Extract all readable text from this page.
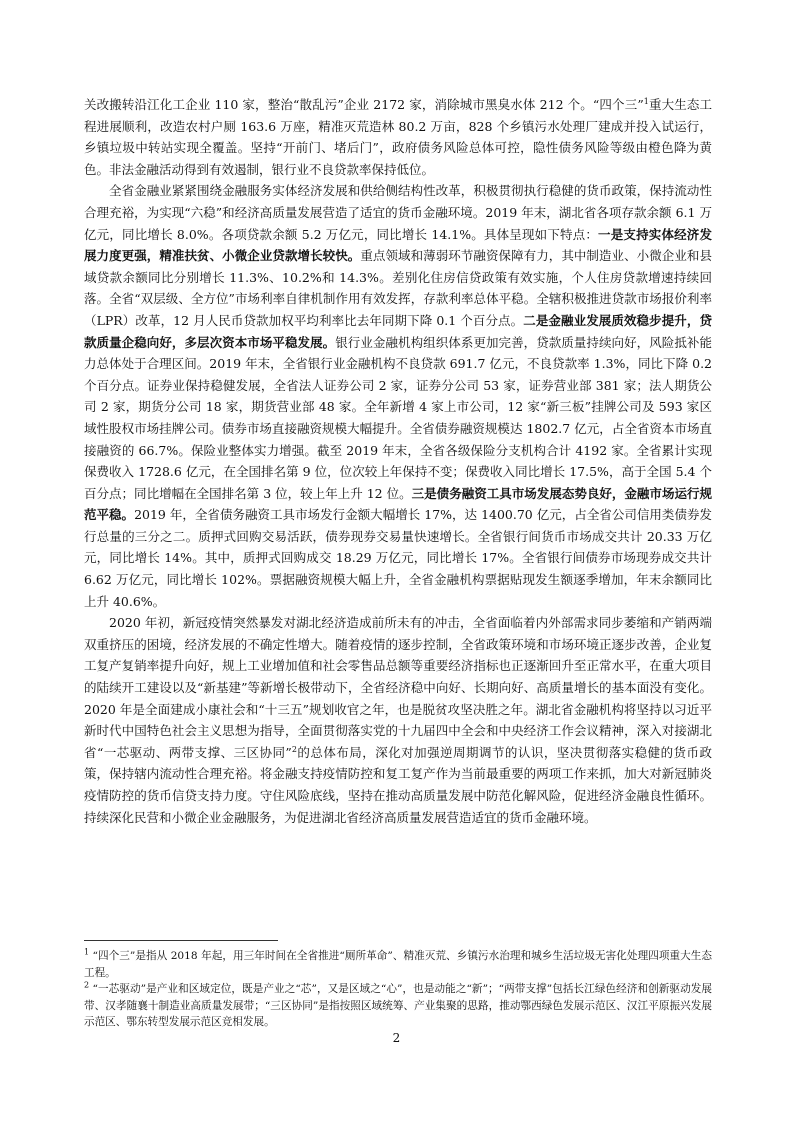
关改搬转沿江化工企业 110 家，整治“散乱污”企业 2172 家，消除城市黑臭水体 212 个。“四个三”$^1$重大生态工程进展顺利，改造农村户厕 163.6 万座，精准灭荒造林 80.2 万亩，828 个乡镇污水处理厂建成并投入试运行，乡镇垃圾中转站实现全覆盖。坚持“开前门、堵后门”，政府债务风险总体可控，隐性债务风险等级由橙色降为黄色。非法金融活动得到有效遏制，银行业不良贷款率保持低位。

全省金融业紧紧围绕金融服务实体经济发展和供给侧结构性改革，积极贯彻执行稳健的货币政策，保持流动性合理充裕，为实现“六稳”和经济高质量发展营造了适宜的货币金融环境。2019 年末，湖北省各项存款余额 6.1 万亿元，同比增长 8.0%。各项贷款余额 5.2 万亿元，同比增长 14.1%。具体呈现如下特点：一是支持实体经济发展力度更强，精准扶贫、小微企业贷款增长较快。重点领域和薄弱环节融资保障有力，其中制造业、小微企业和县域贷款余额同比分别增长 11.3%、10.2%和 14.3%。差别化住房信贷政策有效实施，个人住房贷款增速持续回落。全省“双层级、全方位”市场利率自律机制作用有效发挥，存款利率总体平稳。全辖积极推进贷款市场报价利率（LPR）改革，12 月人民币贷款加权平均利率比去年同期下降 0.1 个百分点。二是金融业发展质效稳步提升，贷款质量企稳向好，多层次资本市场平稳发展。银行业金融机构组织体系更加完善，贷款质量持续向好，风险抵补能力总体处于合理区间。2019 年末，全省银行业金融机构不良贷款 691.7 亿元，不良贷款率 1.3%，同比下降 0.2 个百分点。证券业保持稳健发展，全省法人证券公司 2 家，证券分公司 53 家，证券营业部 381 家；法人期货公司 2 家，期货分公司 18 家，期货营业部 48 家。全年新增 4 家上市公司，12 家“新三板”挂牌公司及 593 家区域性股权市场挂牌公司。债券市场直接融资规模大幅提升。全省债券融资规模达 1802.7 亿元，占全省资本市场直接融资的 66.7%。保险业整体实力增强。截至 2019 年末，全省各级保险分支机构合计 4192 家。全省累计实现保费收入 1728.6 亿元，在全国排名第 9 位，位次较上年保持不变；保费收入同比增长 17.5%，高于全国 5.4 个百分点；同比增幅在全国排名第 3 位，较上年上升 12 位。三是债务融资工具市场发展态势良好，金融市场运行规范平稳。2019 年，全省债务融资工具市场发行金额大幅增长 17%，达 1400.70 亿元，占全省公司信用类债券发行总量的三分之二。质押式回购交易活跃，债券现券交易量快速增长。全省银行间货币市场成交共计 20.33 万亿元，同比增长 14%。其中，质押式回购成交 18.29 万亿元，同比增长 17%。全省银行间债券市场现券成交共计 6.62 万亿元，同比增长 102%。票据融资规模大幅上升，全省金融机构票据贴现发生额逐季增加，年末余额同比上升 40.6%。

2020 年初，新冠疫情突然暴发对湖北经济造成前所未有的冲击，全省面临着内外部需求同步萎缩和产销两端双重挤压的困境，经济发展的不确定性增大。随着疫情的逐步控制，全省政策环境和市场环境正逐步改善，企业复工复产复销率提升向好，规上工业增加值和社会零售品总额等重要经济指标也正逐渐回升至正常水平，在重大项目的陆续开工建设以及“新基建”等新增长极带动下，全省经济稳中向好、长期向好、高质量增长的基本面没有变化。2020 年是全面建成小康社会和“十三五”规划收官之年，也是脱贫攻坚决胜之年。湖北省金融机构将坚持以习近平新时代中国特色社会主义思想为指导，全面贯彻落实党的十九届四中全会和中央经济工作会议精神，深入对接湖北省“一芯驱动、两带支撑、三区协同”$^2$的总体布局，深化对加强逆周期调节的认识，坚决贯彻落实稳健的货币政策，保持辖内流动性合理充裕。将金融支持疫情防控和复工复产作为当前最重要的两项工作来抓，加大对新冠肺炎疫情防控的货币信贷支持力度。守住风险底线，坚持在推动高质量发展中防范化解风险，促进经济金融良性循环。持续深化民营和小微企业金融服务，为促进湖北省经济高质量发展营造适宜的货币金融环境。

$^1$ “四个三”是指从 2018 年起，用三年时间在全省推进“厕所革命”、精准灭荒、乡镇污水治理和城乡生活垃圾无害化处理四项重大生态工程。

$^2$ “一芯驱动”是产业和区域定位，既是产业之“芯”，又是区域之“心”，也是动能之“新”；“两带支撑”包括长江绿色经济和创新驱动发展带、汉孝随襄十制造业高质量发展带；“三区协同”是指按照区域统筹、产业集聚的思路，推动鄂西绿色发展示范区、汉江平原振兴发展示范区、鄂东转型发展示范区竞相发展。

2
